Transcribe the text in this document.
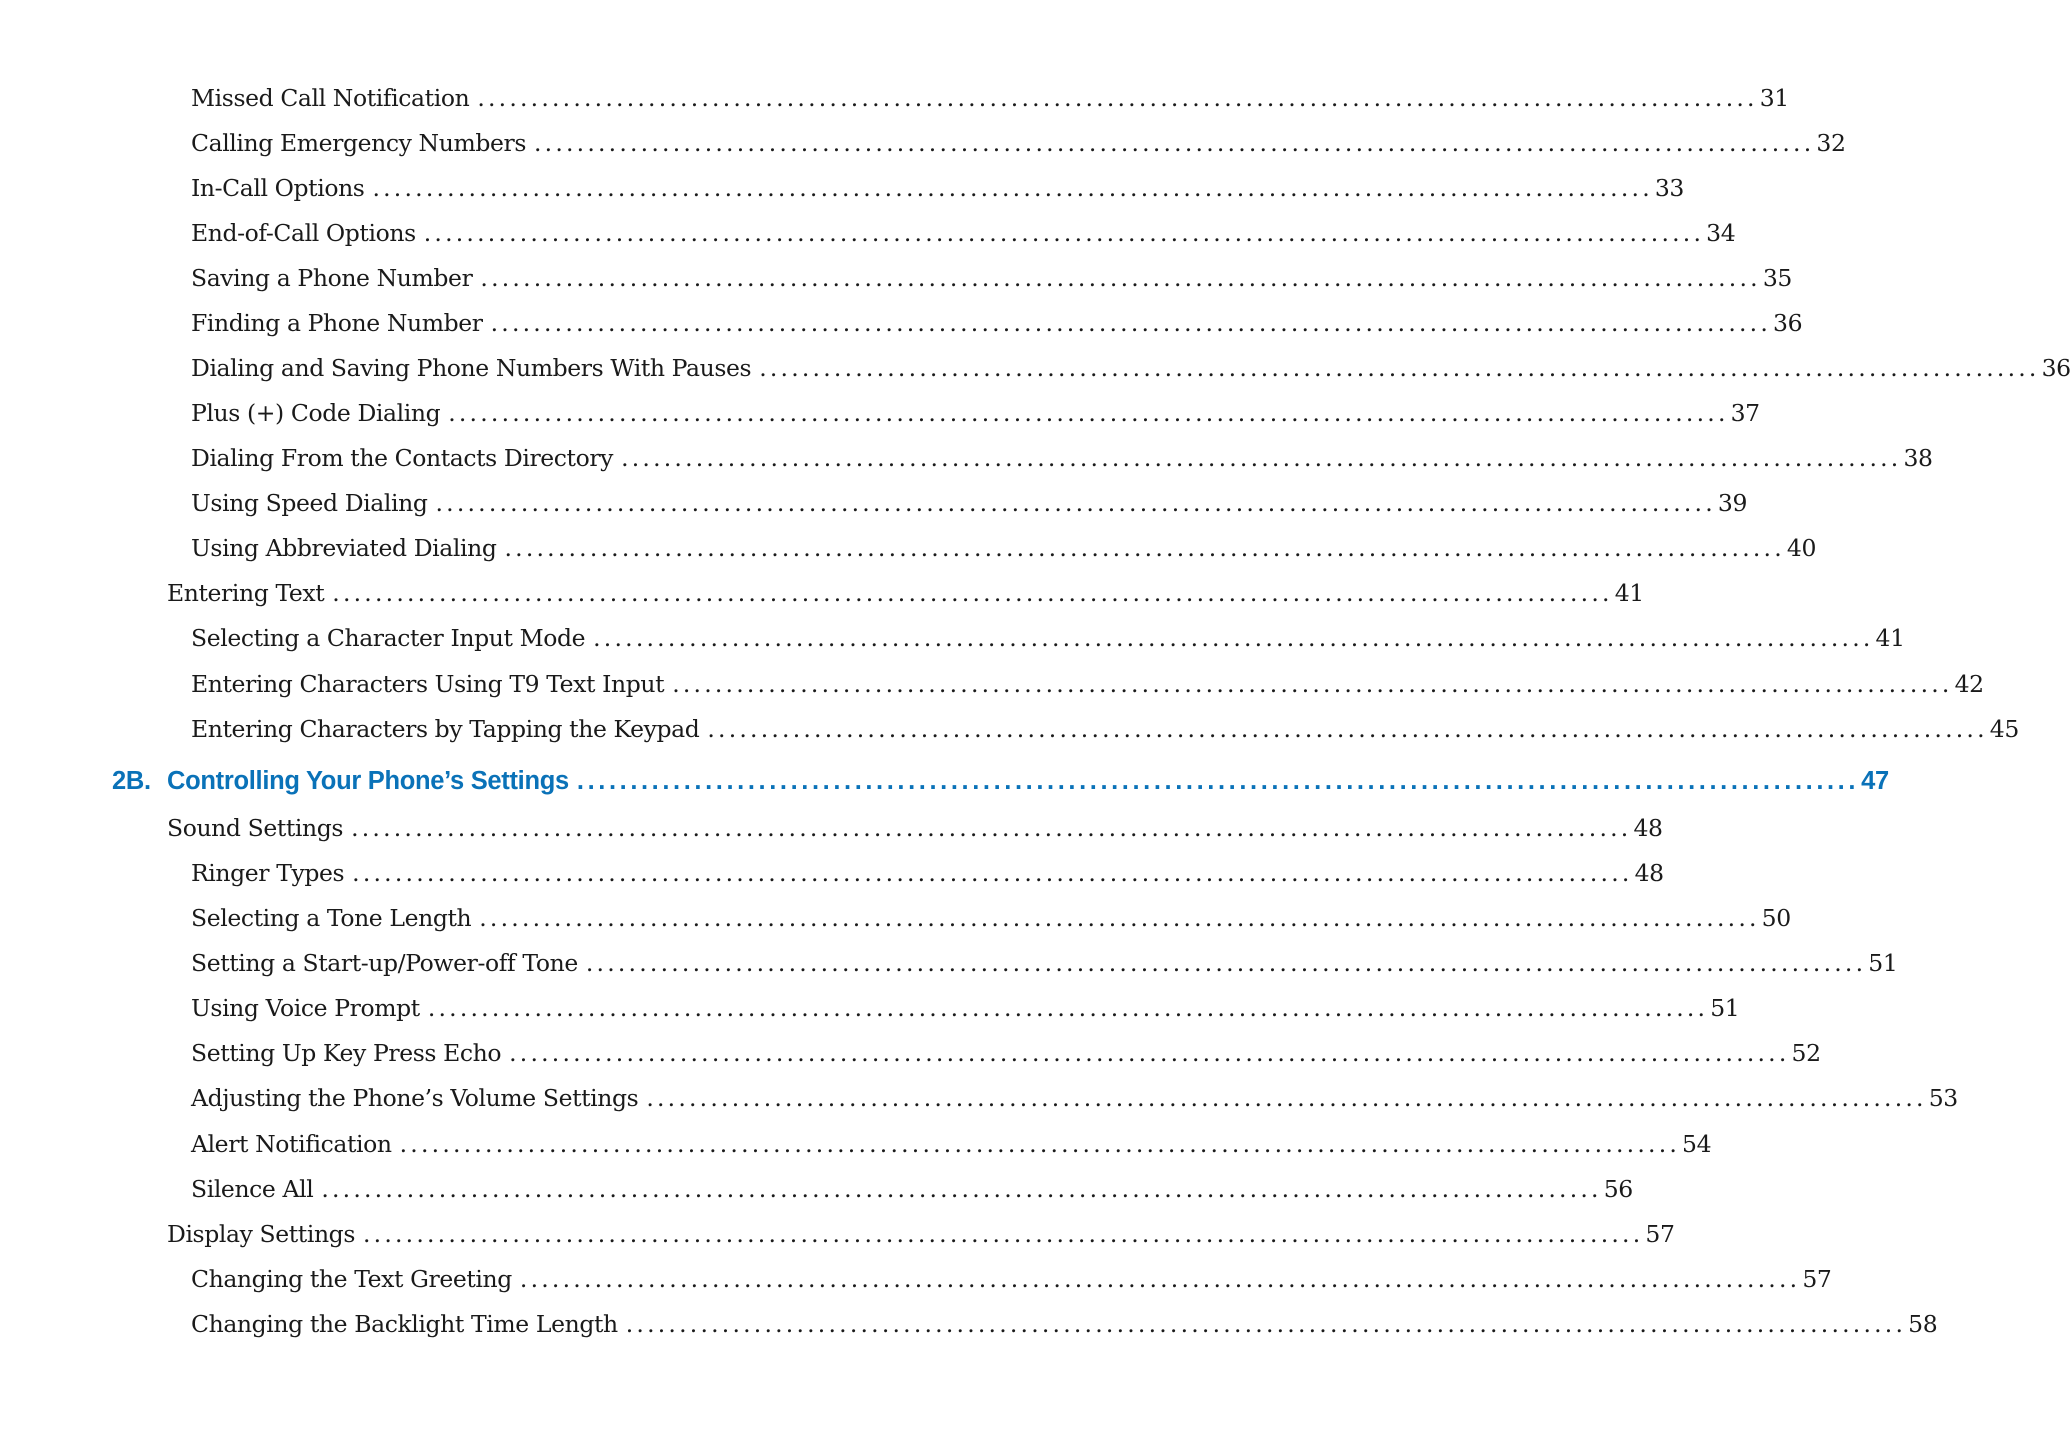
Missed Call Notification ........................................................................................................................ 31
Calling Emergency Numbers ........................................................................................................................ 32
In-Call Options ........................................................................................................................ 33
End-of-Call Options ........................................................................................................................ 34
Saving a Phone Number ........................................................................................................................ 35
Finding a Phone Number ........................................................................................................................ 36
Dialing and Saving Phone Numbers With Pauses ........................................................................................................................ 36
Plus (+) Code Dialing ........................................................................................................................ 37
Dialing From the Contacts Directory ........................................................................................................................ 38
Using Speed Dialing ........................................................................................................................ 39
Using Abbreviated Dialing ........................................................................................................................ 40
Entering Text ........................................................................................................................ 41
Selecting a Character Input Mode ........................................................................................................................ 41
Entering Characters Using T9 Text Input ........................................................................................................................ 42
Entering Characters by Tapping the Keypad ........................................................................................................................ 45
2B. Controlling Your Phone’s Settings ........................................................................................................................ 47
Sound Settings ........................................................................................................................ 48
Ringer Types ........................................................................................................................ 48
Selecting a Tone Length ........................................................................................................................ 50
Setting a Start-up/Power-off Tone ........................................................................................................................ 51
Using Voice Prompt ........................................................................................................................ 51
Setting Up Key Press Echo ........................................................................................................................ 52
Adjusting the Phone’s Volume Settings ........................................................................................................................ 53
Alert Notification ........................................................................................................................ 54
Silence All ........................................................................................................................ 56
Display Settings ........................................................................................................................ 57
Changing the Text Greeting ........................................................................................................................ 57
Changing the Backlight Time Length ........................................................................................................................ 58
